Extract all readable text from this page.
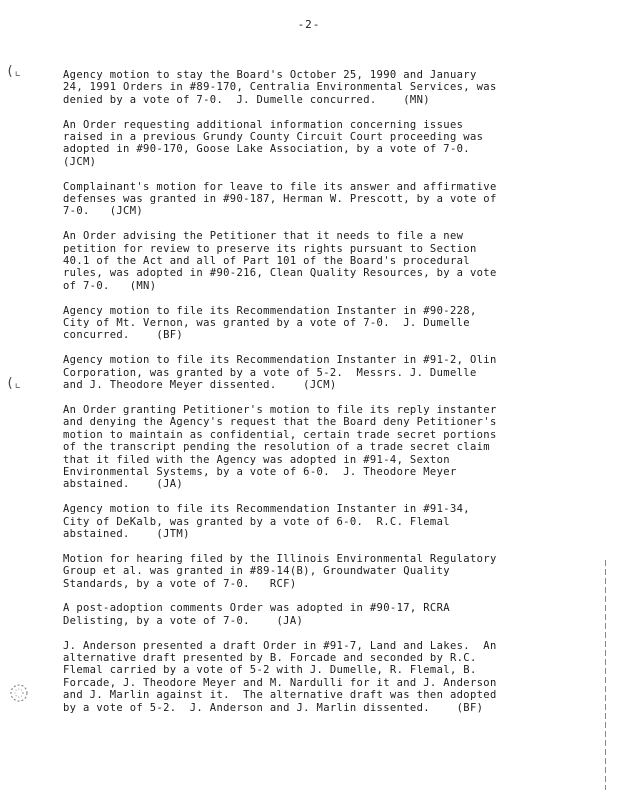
-2-
(⌞
(⌞

Agency motion to stay the Board's October 25, 1990 and January
24, 1991 Orders in #89-170, Centralia Environmental Services, was
denied by a vote of 7-0.  J. Dumelle concurred.    (MN)

An Order requesting additional information concerning issues
raised in a previous Grundy County Circuit Court proceeding was
adopted in #90-170, Goose Lake Association, by a vote of 7-0.
(JCM)

Complainant's motion for leave to file its answer and affirmative
defenses was granted in #90-187, Herman W. Prescott, by a vote of
7-0.   (JCM)

An Order advising the Petitioner that it needs to file a new
petition for review to preserve its rights pursuant to Section
40.1 of the Act and all of Part 101 of the Board's procedural
rules, was adopted in #90-216, Clean Quality Resources, by a vote
of 7-0.   (MN)

Agency motion to file its Recommendation Instanter in #90-228,
City of Mt. Vernon, was granted by a vote of 7-0.  J. Dumelle
concurred.    (BF)

Agency motion to file its Recommendation Instanter in #91-2, Olin
Corporation, was granted by a vote of 5-2.  Messrs. J. Dumelle
and J. Theodore Meyer dissented.    (JCM)

An Order granting Petitioner's motion to file its reply instanter
and denying the Agency's request that the Board deny Petitioner's
motion to maintain as confidential, certain trade secret portions
of the transcript pending the resolution of a trade secret claim
that it filed with the Agency was adopted in #91-4, Sexton
Environmental Systems, by a vote of 6-0.  J. Theodore Meyer
abstained.    (JA)

Agency motion to file its Recommendation Instanter in #91-34,
City of DeKalb, was granted by a vote of 6-0.  R.C. Flemal
abstained.    (JTM)

Motion for hearing filed by the Illinois Environmental Regulatory
Group et al. was granted in #89-14(B), Groundwater Quality
Standards, by a vote of 7-0.   RCF)

A post-adoption comments Order was adopted in #90-17, RCRA
Delisting, by a vote of 7-0.    (JA)

J. Anderson presented a draft Order in #91-7, Land and Lakes.  An
alternative draft presented by B. Forcade and seconded by R.C.
Flemal carried by a vote of 5-2 with J. Dumelle, R. Flemal, B.
Forcade, J. Theodore Meyer and M. Nardulli for it and J. Anderson
and J. Marlin against it.  The alternative draft was then adopted
by a vote of 5-2.  J. Anderson and J. Marlin dissented.    (BF)
